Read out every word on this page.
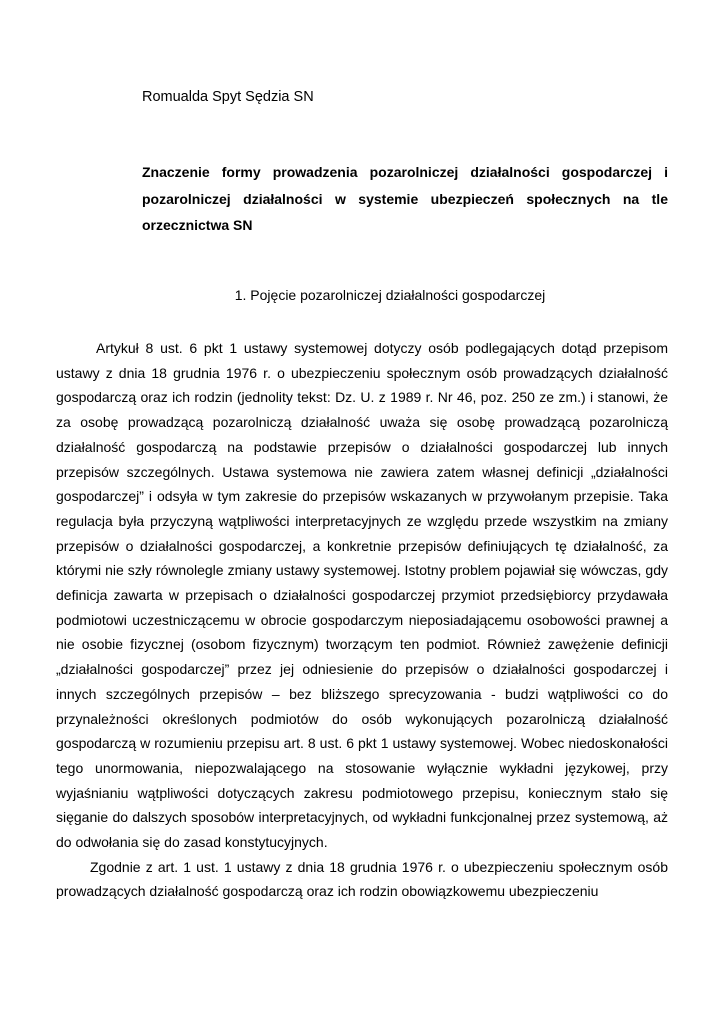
Romualda Spyt Sędzia SN

Znaczenie formy prowadzenia pozarolniczej działalności gospodarczej i pozarolniczej działalności w systemie ubezpieczeń społecznych na tle orzecznictwa SN

1. Pojęcie pozarolniczej działalności gospodarczej

Artykuł 8 ust. 6 pkt 1 ustawy systemowej dotyczy osób podlegających dotąd przepisom ustawy z dnia 18 grudnia 1976 r. o ubezpieczeniu społecznym osób prowadzących działalność gospodarczą oraz ich rodzin (jednolity tekst: Dz. U. z 1989 r. Nr 46, poz. 250 ze zm.) i stanowi, że za osobę prowadzącą pozarolniczą działalność uważa się osobę prowadzącą pozarolniczą działalność gospodarczą na podstawie przepisów o działalności gospodarczej lub innych przepisów szczególnych. Ustawa systemowa nie zawiera zatem własnej definicji „działalności gospodarczej” i odsyła w tym zakresie do przepisów wskazanych w przywołanym przepisie. Taka regulacja była przyczyną wątpliwości interpretacyjnych ze względu przede wszystkim na zmiany przepisów o działalności gospodarczej, a konkretnie przepisów definiujących tę działalność, za którymi nie szły równolegle zmiany ustawy systemowej. Istotny problem pojawiał się wówczas, gdy definicja zawarta w przepisach o działalności gospodarczej przymiot przedsiębiorcy przydawała podmiotowi uczestniczącemu w obrocie gospodarczym nieposiadającemu osobowości prawnej a nie osobie fizycznej (osobom fizycznym) tworzącym ten podmiot. Również zawężenie definicji „działalności gospodarczej” przez jej odniesienie do przepisów o działalności gospodarczej i innych szczególnych przepisów – bez bliższego sprecyzowania - budzi wątpliwości co do przynależności określonych podmiotów do osób wykonujących pozarolniczą działalność gospodarczą w rozumieniu przepisu art. 8 ust. 6 pkt 1 ustawy systemowej. Wobec niedoskonałości tego unormowania, niepozwalającego na stosowanie wyłącznie wykładni językowej, przy wyjaśnianiu wątpliwości dotyczących zakresu podmiotowego przepisu, koniecznym stało się sięganie do dalszych sposobów interpretacyjnych, od wykładni funkcjonalnej przez systemową, aż do odwołania się do zasad konstytucyjnych.

Zgodnie z art. 1 ust. 1 ustawy z dnia 18 grudnia 1976 r. o ubezpieczeniu społecznym osób prowadzących działalność gospodarczą oraz ich rodzin obowiązkowemu ubezpieczeniu
